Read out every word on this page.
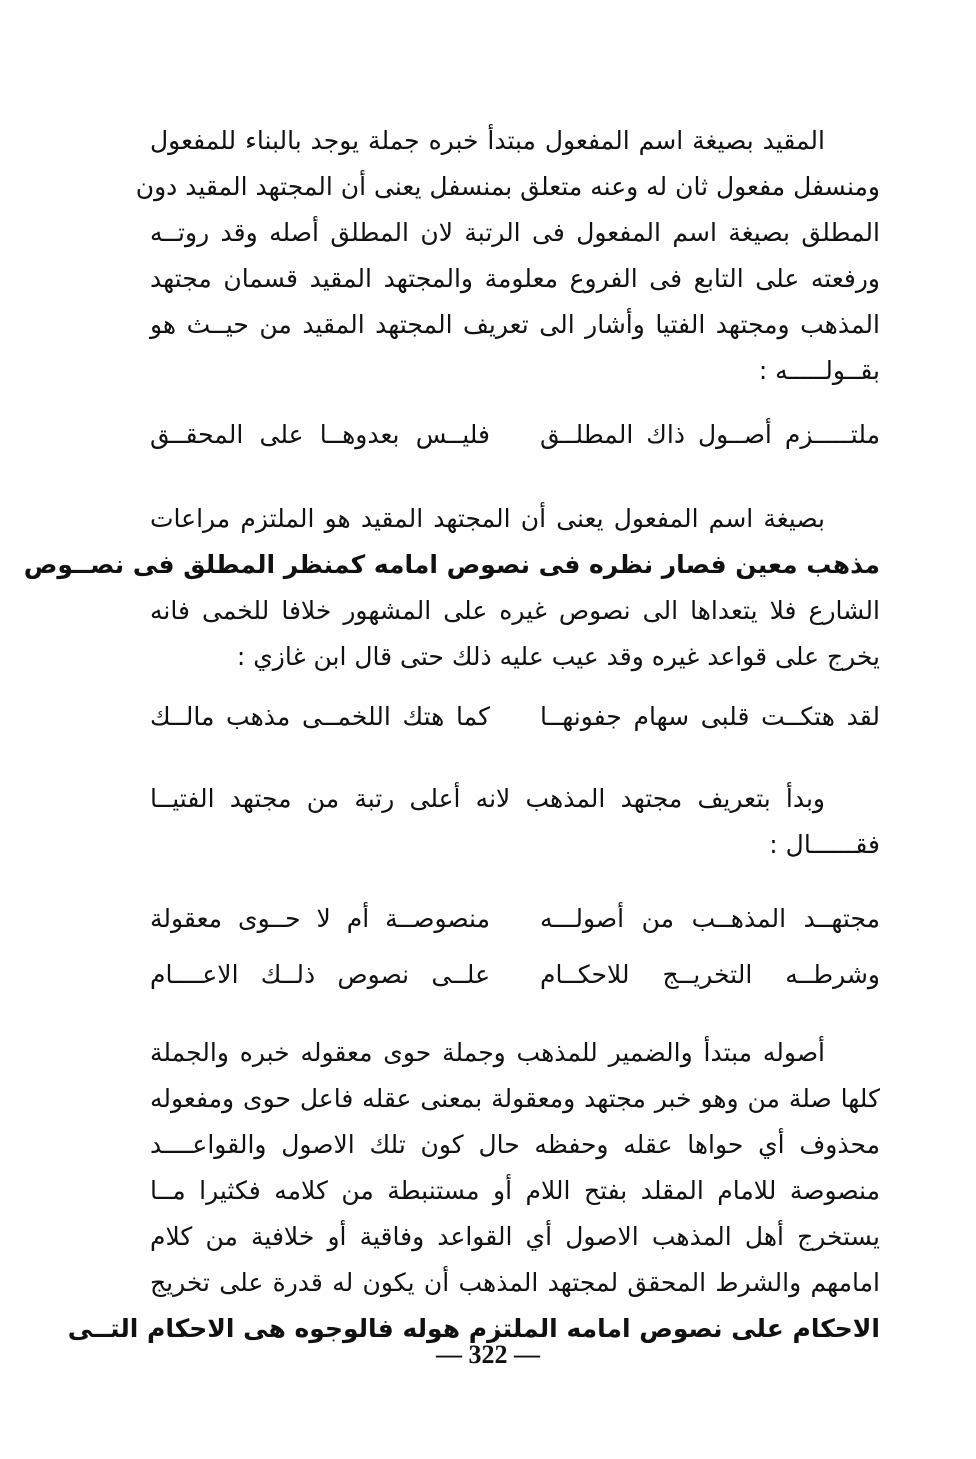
المقيد بصيغة اسم المفعول مبتدأ خبره جملة يوجد بالبناء للمفعول
ومنسفل مفعول ثان له وعنه متعلق بمنسفل يعنى أن المجتهد المقيد دون
المطلق بصيغة اسم المفعول فى الرتبة لان المطلق أصله وقد روتــه
ورفعته على التابع فى الفروع معلومة والمجتهد المقيد قسمان مجتهد
المذهب ومجتهد الفتيا وأشار الى تعريف المجتهد المقيد من حيــث هو
بقــولـــــه :
ملتـــــزم أصــول ذاك المطلــق
فليــس بعدوهــا على المحقــق
بصيغة اسم المفعول يعنى أن المجتهد المقيد هو الملتزم مراعات
مذهب معين فصار نظره فى نصوص امامه كمنظر المطلق فى نصــوص
الشارع فلا يتعداها الى نصوص غيره على المشهور خلافا للخمى فانه
يخرج على قواعد غيره وقد عيب عليه ذلك حتى قال ابن غازي :
لقد هتكــت قلبى سهام جفونهــا
كما هتك اللخمــى مذهب مالــك
وبدأ بتعريف مجتهد المذهب لانه أعلى رتبة من مجتهد الفتيــا
فقــــــال :
مجتهــد المذهــب من أصولـــه
منصوصــة أم لا حــوى معقولة
وشرطــه التخريــج للاحكــام
علــى نصوص ذلــك الاعــــام
أصوله مبتدأ والضمير للمذهب وجملة حوى معقوله خبره والجملة
كلها صلة من وهو خبر مجتهد ومعقولة بمعنى عقله فاعل حوى ومفعوله
محذوف أي حواها عقله وحفظه حال كون تلك الاصول والقواعــــد
منصوصة للامام المقلد بفتح اللام أو مستنبطة من كلامه فكثيرا مــا
يستخرج أهل المذهب الاصول أي القواعد وفاقية أو خلافية من كلام
امامهم والشرط المحقق لمجتهد المذهب أن يكون له قدرة على تخريج
الاحكام على نصوص امامه الملتزم هوله فالوجوه هى الاحكام التــى
— 322 —
